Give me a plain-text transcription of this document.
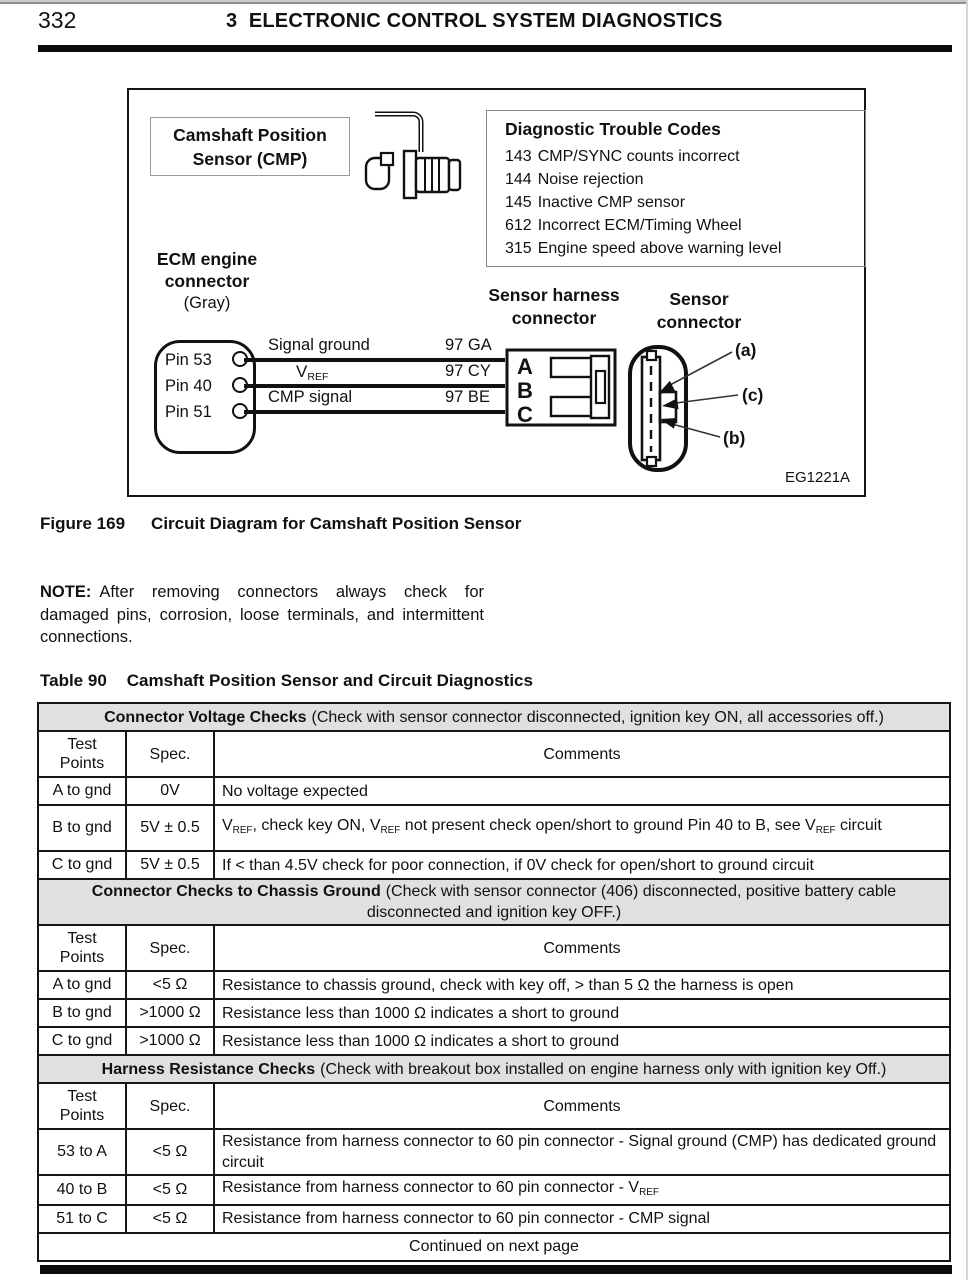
332	3  ELECTRONIC CONTROL SYSTEM DIAGNOSTICS
Camshaft Position
Sensor (CMP)
Diagnostic Trouble Codes
143 CMP/SYNC counts incorrect
144 Noise rejection
145 Inactive CMP sensor
612 Incorrect ECM/Timing Wheel
315 Engine speed above warning level
ECM engine
connector
(Gray)
Pin 53
Pin 40
Pin 51
Signal ground
VREF
CMP signal
97 GA
97 CY
97 BE
Sensor harness
connector
Sensor
connector
A
B
C
(a)
(c)
(b)
EG1221A
Figure 169 Circuit Diagram for Camshaft Position Sensor
NOTE: After removing connectors always check for damaged pins, corrosion, loose terminals, and intermittent connections.
Table 90 Camshaft Position Sensor and Circuit Diagnostics
Connector Voltage Checks (Check with sensor connector disconnected, ignition key ON, all accessories off.)		
Test
Points	Spec.	Comments
A to gnd	0V	No voltage expected
B to gnd	5V ± 0.5	VREF, check key ON, VREF not present check open/short to ground Pin 40 to B, see VREF circuit
C to gnd	5V ± 0.5	If < than 4.5V check for poor connection, if 0V check for open/short to ground circuit
Connector Checks to Chassis Ground (Check with sensor connector (406) disconnected, positive battery cable disconnected and ignition key OFF.)		
Test
Points	Spec.	Comments
A to gnd	<5 Ω	Resistance to chassis ground, check with key off, > than 5 Ω the harness is open
B to gnd	>1000 Ω	Resistance less than 1000 Ω indicates a short to ground
C to gnd	>1000 Ω	Resistance less than 1000 Ω indicates a short to ground
Harness Resistance Checks (Check with breakout box installed on engine harness only with ignition key Off.)		
Test
Points	Spec.	Comments
53 to A	<5 Ω	Resistance from harness connector to 60 pin connector - Signal ground (CMP) has dedicated ground circuit
40 to B	<5 Ω	Resistance from harness connector to 60 pin connector - VREF
51 to C	<5 Ω	Resistance from harness connector to 60 pin connector - CMP signal
Continued on next page		
